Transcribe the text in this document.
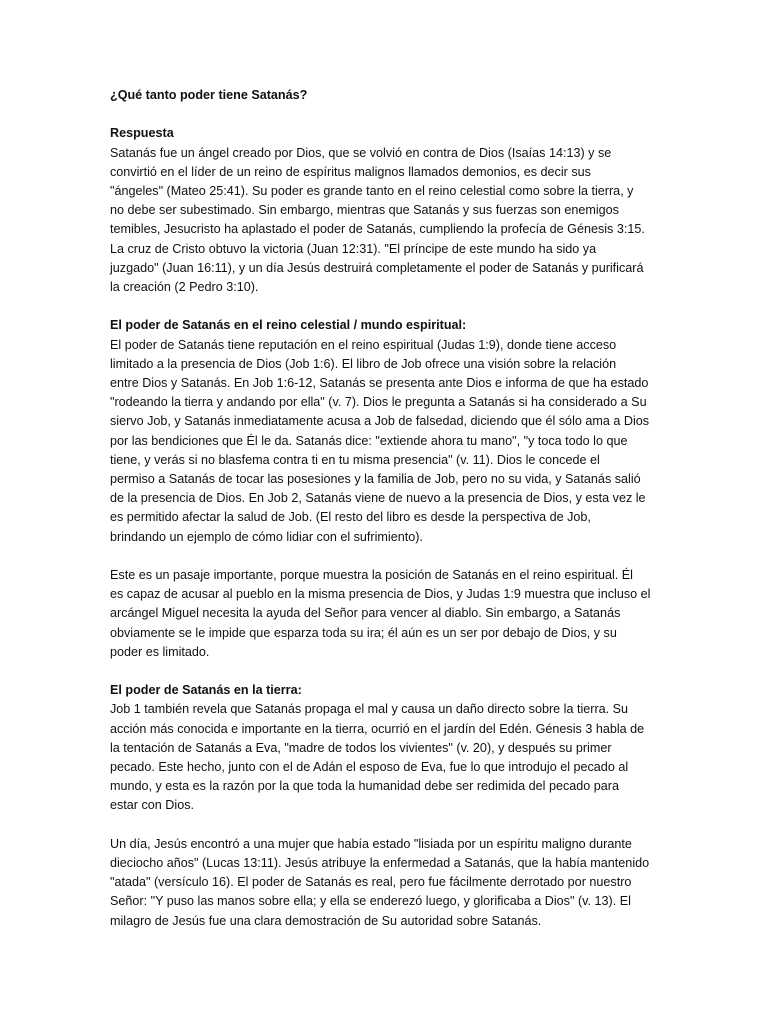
¿Qué tanto poder tiene Satanás?
Respuesta
Satanás fue un ángel creado por Dios, que se volvió en contra de Dios (Isaías 14:13) y se
convirtió en el líder de un reino de espíritus malignos llamados demonios, es decir sus
"ángeles" (Mateo 25:41). Su poder es grande tanto en el reino celestial como sobre la tierra, y
no debe ser subestimado. Sin embargo, mientras que Satanás y sus fuerzas son enemigos
temibles, Jesucristo ha aplastado el poder de Satanás, cumpliendo la profecía de Génesis 3:15.
La cruz de Cristo obtuvo la victoria (Juan 12:31). "El príncipe de este mundo ha sido ya
juzgado" (Juan 16:11), y un día Jesús destruirá completamente el poder de Satanás y purificará
la creación (2 Pedro 3:10).
El poder de Satanás en el reino celestial / mundo espiritual:
El poder de Satanás tiene reputación en el reino espiritual (Judas 1:9), donde tiene acceso
limitado a la presencia de Dios (Job 1:6). El libro de Job ofrece una visión sobre la relación
entre Dios y Satanás. En Job 1:6-12, Satanás se presenta ante Dios e informa de que ha estado
"rodeando la tierra y andando por ella" (v. 7). Dios le pregunta a Satanás si ha considerado a Su
siervo Job, y Satanás inmediatamente acusa a Job de falsedad, diciendo que él sólo ama a Dios
por las bendiciones que Él le da. Satanás dice: "extiende ahora tu mano", "y toca todo lo que
tiene, y verás si no blasfema contra ti en tu misma presencia" (v. 11). Dios le concede el
permiso a Satanás de tocar las posesiones y la familia de Job, pero no su vida, y Satanás salió
de la presencia de Dios. En Job 2, Satanás viene de nuevo a la presencia de Dios, y esta vez le
es permitido afectar la salud de Job. (El resto del libro es desde la perspectiva de Job,
brindando un ejemplo de cómo lidiar con el sufrimiento).
Este es un pasaje importante, porque muestra la posición de Satanás en el reino espiritual. Él
es capaz de acusar al pueblo en la misma presencia de Dios, y Judas 1:9 muestra que incluso el
arcángel Miguel necesita la ayuda del Señor para vencer al diablo. Sin embargo, a Satanás
obviamente se le impide que esparza toda su ira; él aún es un ser por debajo de Dios, y su
poder es limitado.
El poder de Satanás en la tierra:
Job 1 también revela que Satanás propaga el mal y causa un daño directo sobre la tierra. Su
acción más conocida e importante en la tierra, ocurrió en el jardín del Edén. Génesis 3 habla de
la tentación de Satanás a Eva, "madre de todos los vivientes" (v. 20), y después su primer
pecado. Este hecho, junto con el de Adán el esposo de Eva, fue lo que introdujo el pecado al
mundo, y esta es la razón por la que toda la humanidad debe ser redimida del pecado para
estar con Dios.
Un día, Jesús encontró a una mujer que había estado "lisiada por un espíritu maligno durante
dieciocho años" (Lucas 13:11). Jesús atribuye la enfermedad a Satanás, que la había mantenido
"atada" (versículo 16). El poder de Satanás es real, pero fue fácilmente derrotado por nuestro
Señor: "Y puso las manos sobre ella; y ella se enderezó luego, y glorificaba a Dios" (v. 13). El
milagro de Jesús fue una clara demostración de Su autoridad sobre Satanás.
